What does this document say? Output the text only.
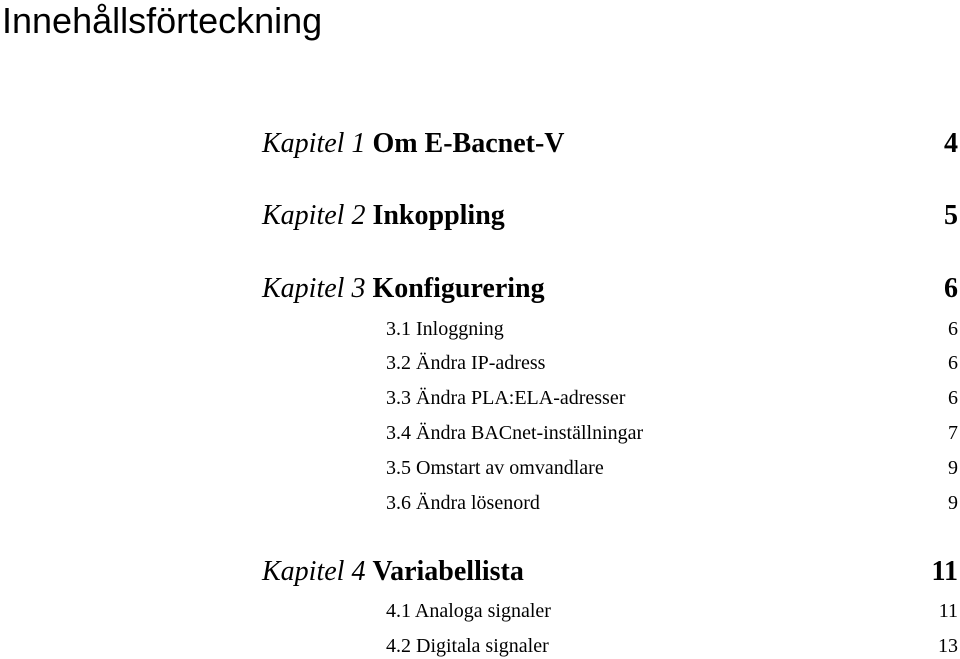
Innehållsförteckning
Kapitel 1 Om E-Bacnet-V	4
Kapitel 2 Inkoppling	5
Kapitel 3 Konfigurering	6
3.1 Inloggning	6
3.2 Ändra IP-adress	6
3.3 Ändra PLA:ELA-adresser	6
3.4 Ändra BACnet-inställningar	7
3.5 Omstart av omvandlare	9
3.6 Ändra lösenord	9
Kapitel 4 Variabellista	11
4.1 Analoga signaler	11
4.2 Digitala signaler	13
